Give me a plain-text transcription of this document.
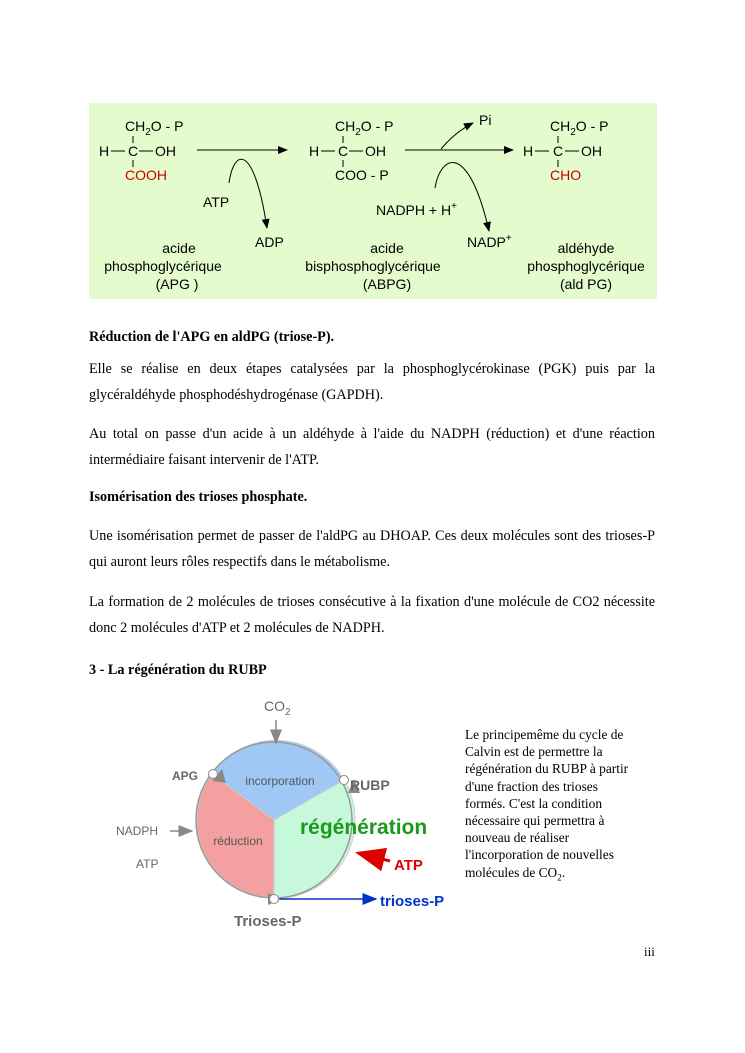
$CH_2O$ - P
H C OH
COOH
acide
phosphoglycérique
(APG )
ATP
ADP
$CH_2O$ - P
H C OH
COO - P
acide
bisphosphoglycérique
(ABPG)
Pi
NADPH + H+
NADP+
$CH_2O$ - P
H C OH
CHO
aldéhyde
phosphoglycérique
(ald PG)
Réduction de l'APG en aldPG (triose-P).
Elle se réalise en deux étapes catalysées par la phosphoglycérokinase (PGK) puis par la glycéraldéhyde phosphodéshydrogénase (GAPDH).
Au total on passe d'un acide à un aldéhyde à l'aide du NADPH (réduction) et d'une réaction intermédiaire faisant intervenir de l'ATP.
Isomérisation des trioses phosphate.
Une isomérisation permet de passer de l'aldPG au DHOAP. Ces deux molécules sont des trioses-P qui auront leurs rôles respectifs dans le métabolisme.
La formation de 2 molécules de trioses consécutive à la fixation d'une molécule de CO2 nécessite donc 2 molécules d'ATP et 2 molécules de NADPH.
3 - La régénération du RUBP
$CO_2$
incorporation
réduction
régénération
APG
RUBP
NADPH
ATP	ATP
Trioses-P
trioses-P
Le principemême du cycle de Calvin est de permettre la régénération du RUBP à partir d'une fraction des trioses formés. C'est la condition nécessaire qui permettra à nouveau de réaliser l'incorporation de nouvelles molécules de $CO_2$.
iii
